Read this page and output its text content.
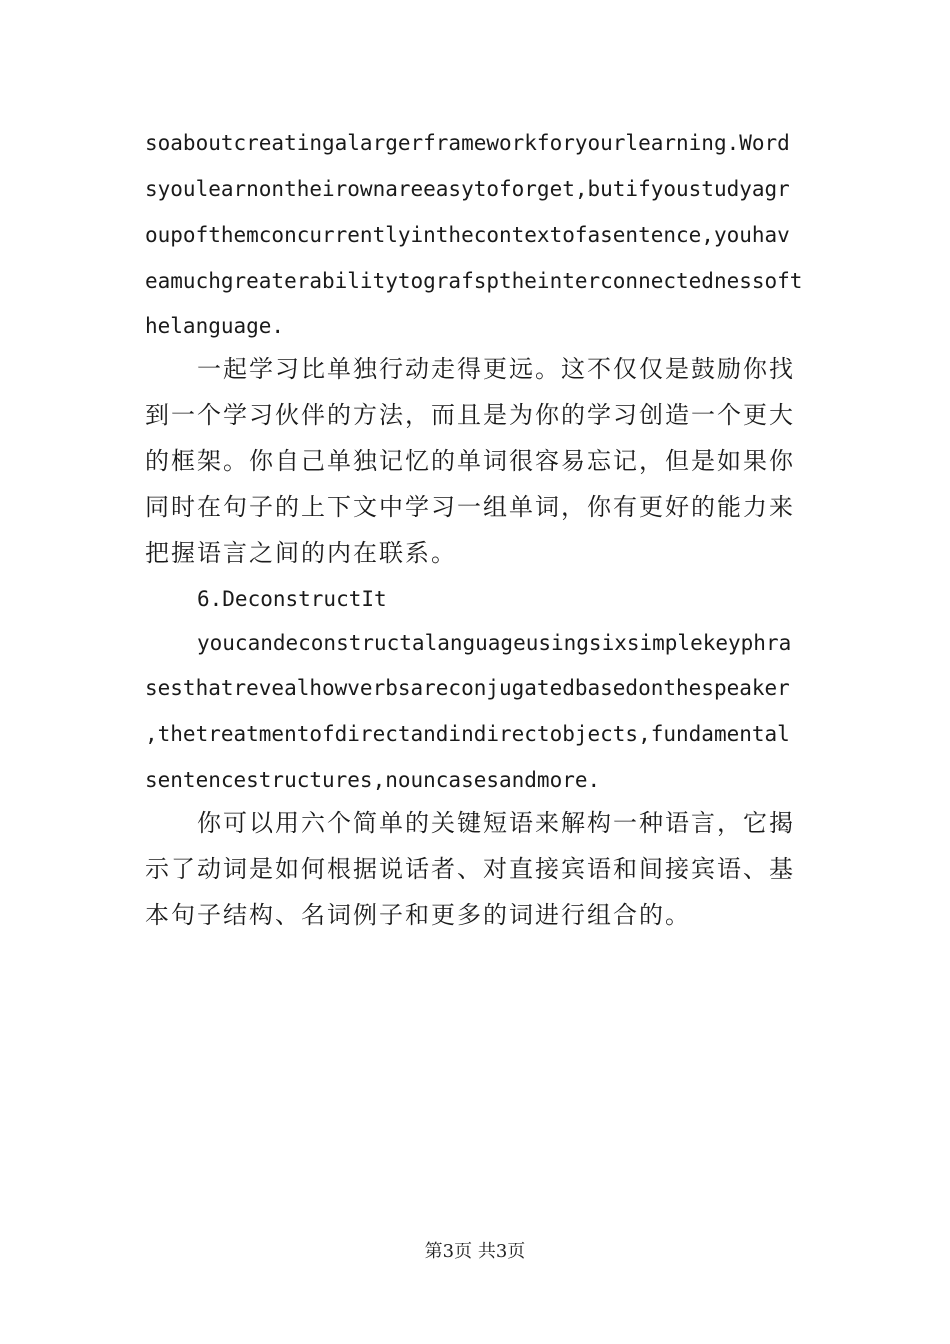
soaboutcreatingalargerframeworkforyourlearning.Word
syoulearnontheirownareeasytoforget,butifyoustudyagr
oupofthemconcurrentlyinthecontextofasentence,youhav
eamuchgreaterabilitytografsptheinterconnectednessoft
helanguage.
一起学习比单独行动走得更远。这不仅仅是鼓励你找
到一个学习伙伴的方法，而且是为你的学习创造一个更大
的框架。你自己单独记忆的单词很容易忘记，但是如果你
同时在句子的上下文中学习一组单词，你有更好的能力来
把握语言之间的内在联系。
6.DeconstructIt
youcandeconstructalanguageusingsixsimplekeyphra
sesthatrevealhowverbsareconjugatedbasedonthespeaker
,thetreatmentofdirectandindirectobjects,fundamental
sentencestructures,nouncasesandmore.
你可以用六个简单的关键短语来解构一种语言，它揭
示了动词是如何根据说话者、对直接宾语和间接宾语、基
本句子结构、名词例子和更多的词进行组合的。
第3页 共3页
